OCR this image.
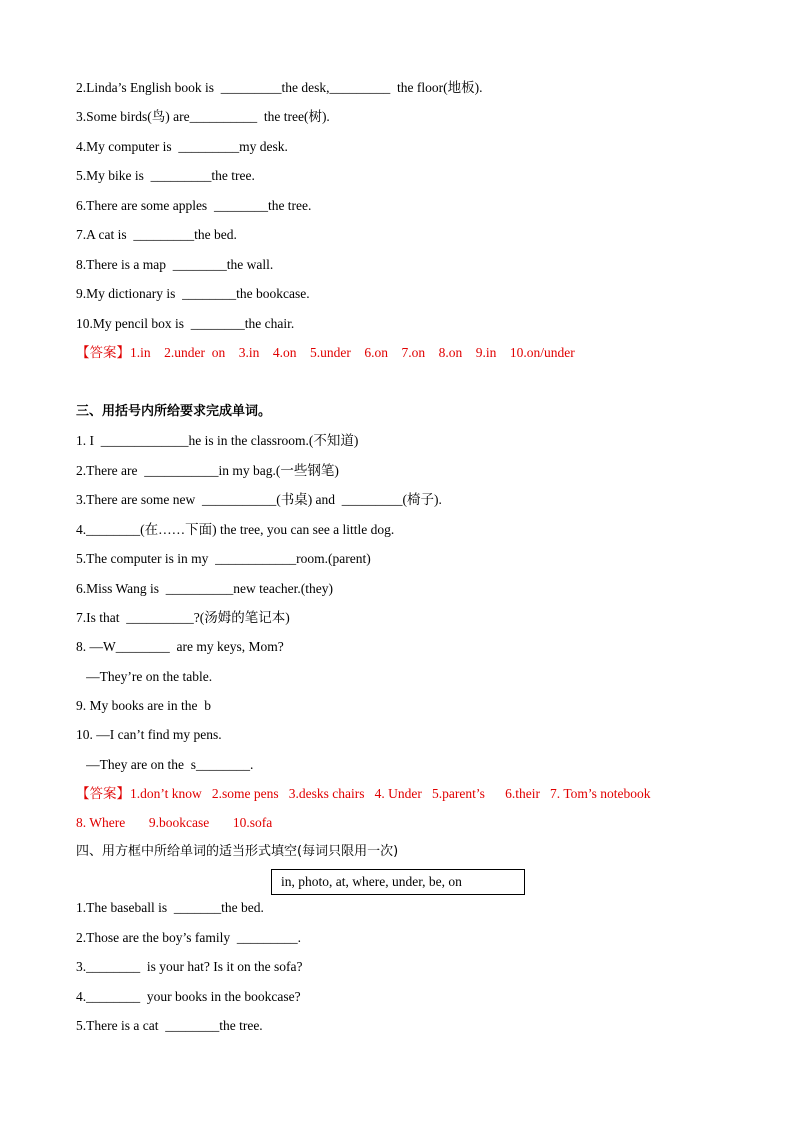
2.Linda’s English book is  _________the desk,_________  the floor(地板).
3.Some birds(鸟) are__________  the tree(树).
4.My computer is  _________my desk.
5.My bike is  _________the tree.
6.There are some apples  ________the tree.
7.A cat is  _________the bed.
8.There is a map  ________the wall.
9.My dictionary is  ________the bookcase.
10.My pencil box is  ________the chair.
【答案】1.in    2.under  on    3.in    4.on    5.under    6.on    7.on    8.on    9.in    10.on/under
三、用括号内所给要求完成单词。
1. I  _____________he is in the classroom.(不知道)
2.There are  ___________in my bag.(一些钢笔)
3.There are some new  ___________(书桌) and  _________(椅子).
4.________(在……下面) the tree, you can see a little dog.
5.The computer is in my  ____________room.(parent)
6.Miss Wang is  __________new teacher.(they)
7.Is that  __________?(汤姆的笔记本)
8. —W________  are my keys, Mom?
—They’re on the table.
9. My books are in the  b
10. —I can’t find my pens.
—They are on the  s________.
【答案】1.don’t know   2.some pens   3.desks chairs   4. Under   5.parent’s      6.their   7. Tom’s notebook
8. Where       9.bookcase       10.sofa
四、用方框中所给单词的适当形式填空(每词只限用一次)
in, photo, at, where, under, be, on
1.The baseball is  _______the bed.
2.Those are the boy’s family  _________.
3.________  is your hat? Is it on the sofa?
4.________  your books in the bookcase?
5.There is a cat  ________the tree.
